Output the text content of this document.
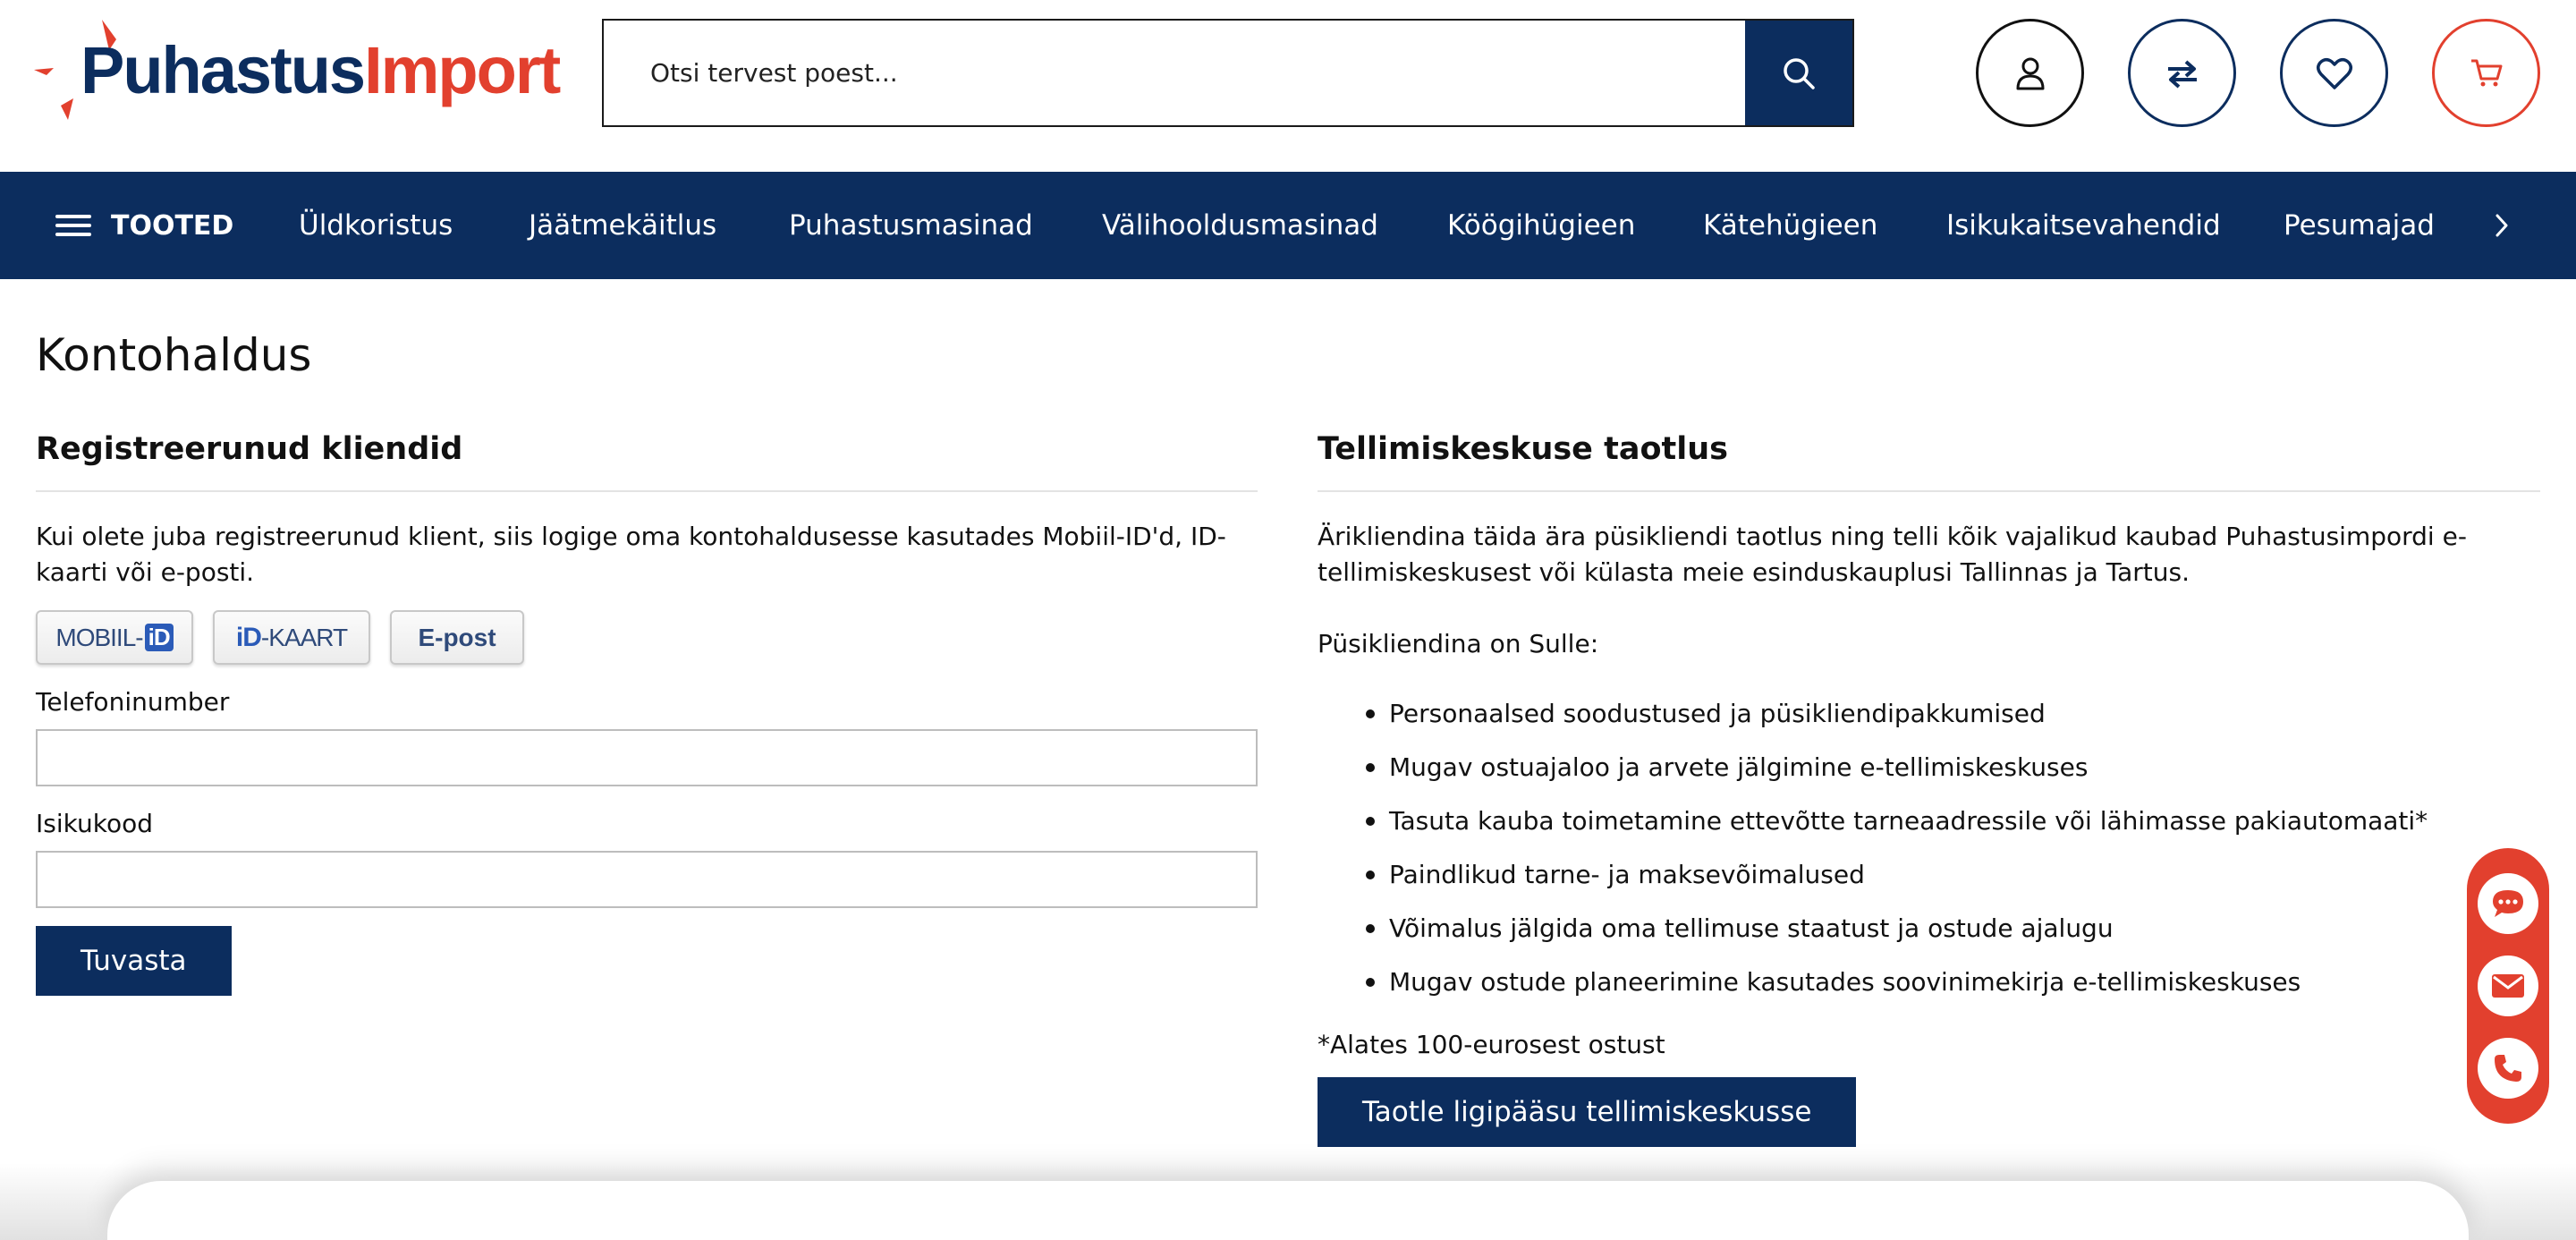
PuhastusImport
Otsi tervest poest...
TOOTED Üldkoristus	Jäätmekäitlus	Puhastusmasinad Välihooldusmasinad Köögihügieen Kätehügieen Isikukaitsevahendid Pesumajad
Kontohaldus
Registreerunud kliendid

Kui olete juba registreerunud klient, siis logige oma kontohaldusesse kasutades Mobiil-ID'd, ID-kaarti või e-posti.

MOBIIL- iD iD -KAART	E-post
Telefoninumber
Isikukood
Tuvasta
Tellimiskeskuse taotlus

Ärikliendina täida ära püsikliendi taotlus ning telli kõik vajalikud kaubad Puhastusimpordi e-tellimiskeskusest või külasta meie esinduskauplusi Tallinnas ja Tartus.

Püsikliendina on Sulle:

Personaalsed soodustused ja püsikliendipakkumised
Mugav ostuajaloo ja arvete jälgimine e-tellimiskeskuses
Tasuta kauba toimetamine ettevõtte tarneaadressile või lähimasse pakiautomaati*
Paindlikud tarne- ja maksevõimalused
Võimalus jälgida oma tellimuse staatust ja ostude ajalugu
Mugav ostude planeerimine kasutades soovinimekirja e-tellimiskeskuses

*Alates 100-eurosest ostust

Taotle ligipääsu tellimiskeskusse
